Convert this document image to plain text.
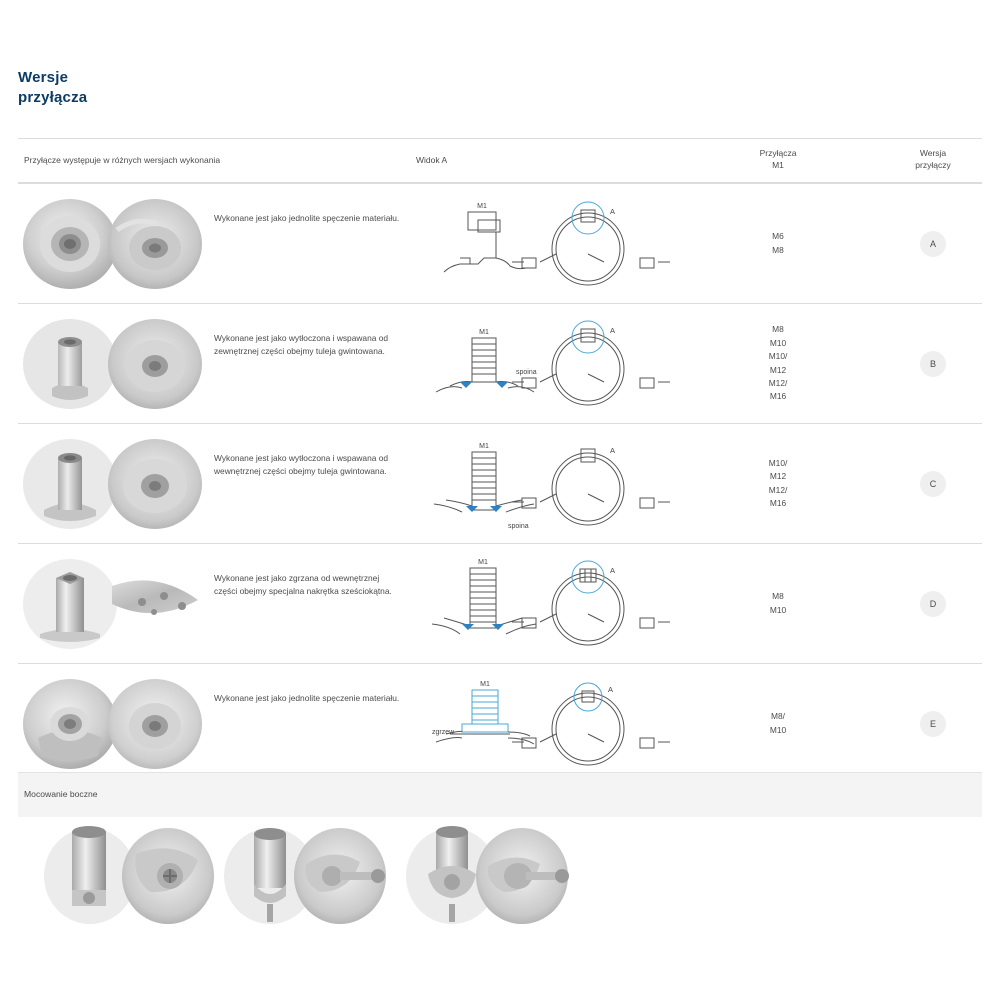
Wersje
przyłącza
Przyłącze występuje w różnych wersjach wykonania	Widok A
Przyłącza
M1
Wersja
przyłączy
Wykonane jest jako jednolite spęczenie materiału.
M1
A
M6
M8
A
Wykonane jest jako wytłoczona i wspawana od zewnętrznej części obejmy tuleja gwintowana.
M1
spoina
A	M8
M10
M10/
M12
M12/
M16
B
Wykonane jest jako wytłoczona i wspawana od wewnętrznej części obejmy tuleja gwintowana.
M1
spoina
A
M10/
M12
M12/
M16
C
Wykonane jest jako zgrzana od wewnętrznej części obejmy specjalna nakrętka sześciokątna.
M1
A
M8
M10
D
Wykonane jest jako jednolite spęczenie materiału.
M1
zgrzew
A
M8/
M10
E
Mocowanie boczne
